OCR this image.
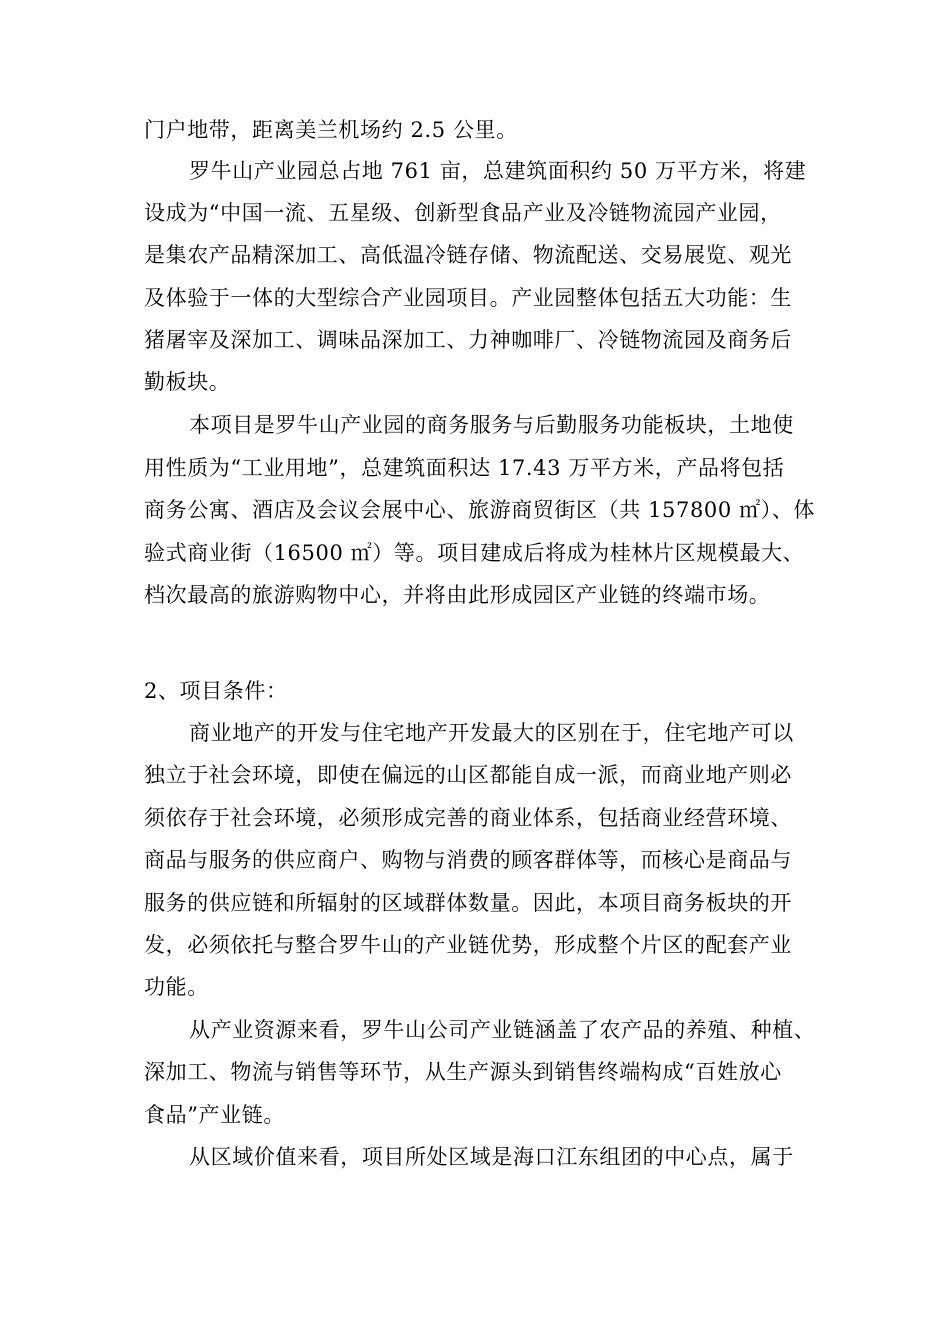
门户地带，距离美兰机场约 2.5 公里。
罗牛山产业园总占地 761 亩，总建筑面积约 50 万平方米，将建
设成为“中国一流、五星级、创新型食品产业及冷链物流园产业园，
是集农产品精深加工、高低温冷链存储、物流配送、交易展览、观光
及体验于一体的大型综合产业园项目。产业园整体包括五大功能：生
猪屠宰及深加工、调味品深加工、力神咖啡厂、冷链物流园及商务后
勤板块。
本项目是罗牛山产业园的商务服务与后勤服务功能板块，土地使
用性质为“工业用地”，总建筑面积达 17.43 万平方米，产品将包括
商务公寓、酒店及会议会展中心、旅游商贸街区（共 157800 ㎡）、体
验式商业街（16500 ㎡）等。项目建成后将成为桂林片区规模最大、
档次最高的旅游购物中心，并将由此形成园区产业链的终端市场。
2、项目条件：
商业地产的开发与住宅地产开发最大的区别在于，住宅地产可以
独立于社会环境，即使在偏远的山区都能自成一派，而商业地产则必
须依存于社会环境，必须形成完善的商业体系，包括商业经营环境、
商品与服务的供应商户、购物与消费的顾客群体等，而核心是商品与
服务的供应链和所辐射的区域群体数量。因此，本项目商务板块的开
发，必须依托与整合罗牛山的产业链优势，形成整个片区的配套产业
功能。
从产业资源来看，罗牛山公司产业链涵盖了农产品的养殖、种植、
深加工、物流与销售等环节，从生产源头到销售终端构成“百姓放心
食品”产业链。
从区域价值来看，项目所处区域是海口江东组团的中心点，属于
